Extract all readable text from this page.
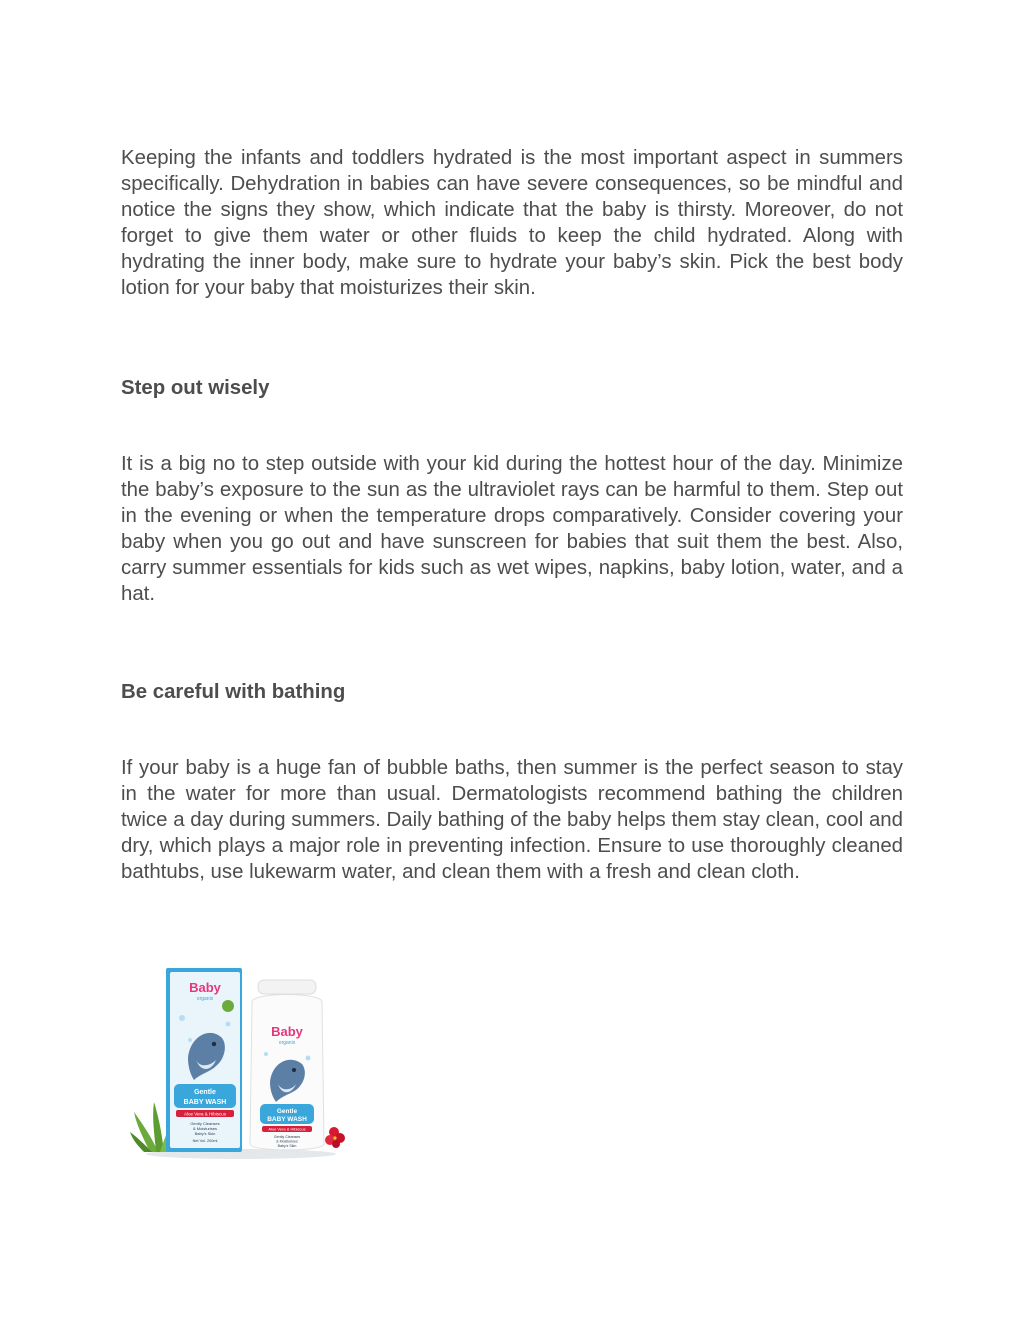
Keeping the infants and toddlers hydrated is the most important aspect in summers specifically. Dehydration in babies can have severe consequences, so be mindful and notice the signs they show, which indicate that the baby is thirsty. Moreover, do not forget to give them water or other fluids to keep the child hydrated. Along with hydrating the inner body, make sure to hydrate your baby’s skin. Pick the best body lotion for your baby that moisturizes their skin.

Step out wisely

It is a big no to step outside with your kid during the hottest hour of the day. Minimize the baby’s exposure to the sun as the ultraviolet rays can be harmful to them. Step out in the evening or when the temperature drops comparatively. Consider covering your baby when you go out and have sunscreen for babies that suit them the best. Also, carry summer essentials for kids such as wet wipes, napkins, baby lotion, water, and a hat.

Be careful with bathing

If your baby is a huge fan of bubble baths, then summer is the perfect season to stay in the water for more than usual. Dermatologists recommend bathing the children twice a day during summers. Daily bathing of the baby helps them stay clean, cool and dry, which plays a major role in preventing infection. Ensure to use thoroughly cleaned bathtubs, use lukewarm water, and clean them with a fresh and clean cloth.

Baby
organix
Gentle
BABY WASH
Aloe Vera & Hibiscus
Gently Cleanses
& Moisturises
Baby's Skin
Net Vol. 200ml
Baby
organix
Gentle
BABY WASH
Aloe Vera & Hibiscus
Gently Cleanses
& Moisturises
Baby's Skin
